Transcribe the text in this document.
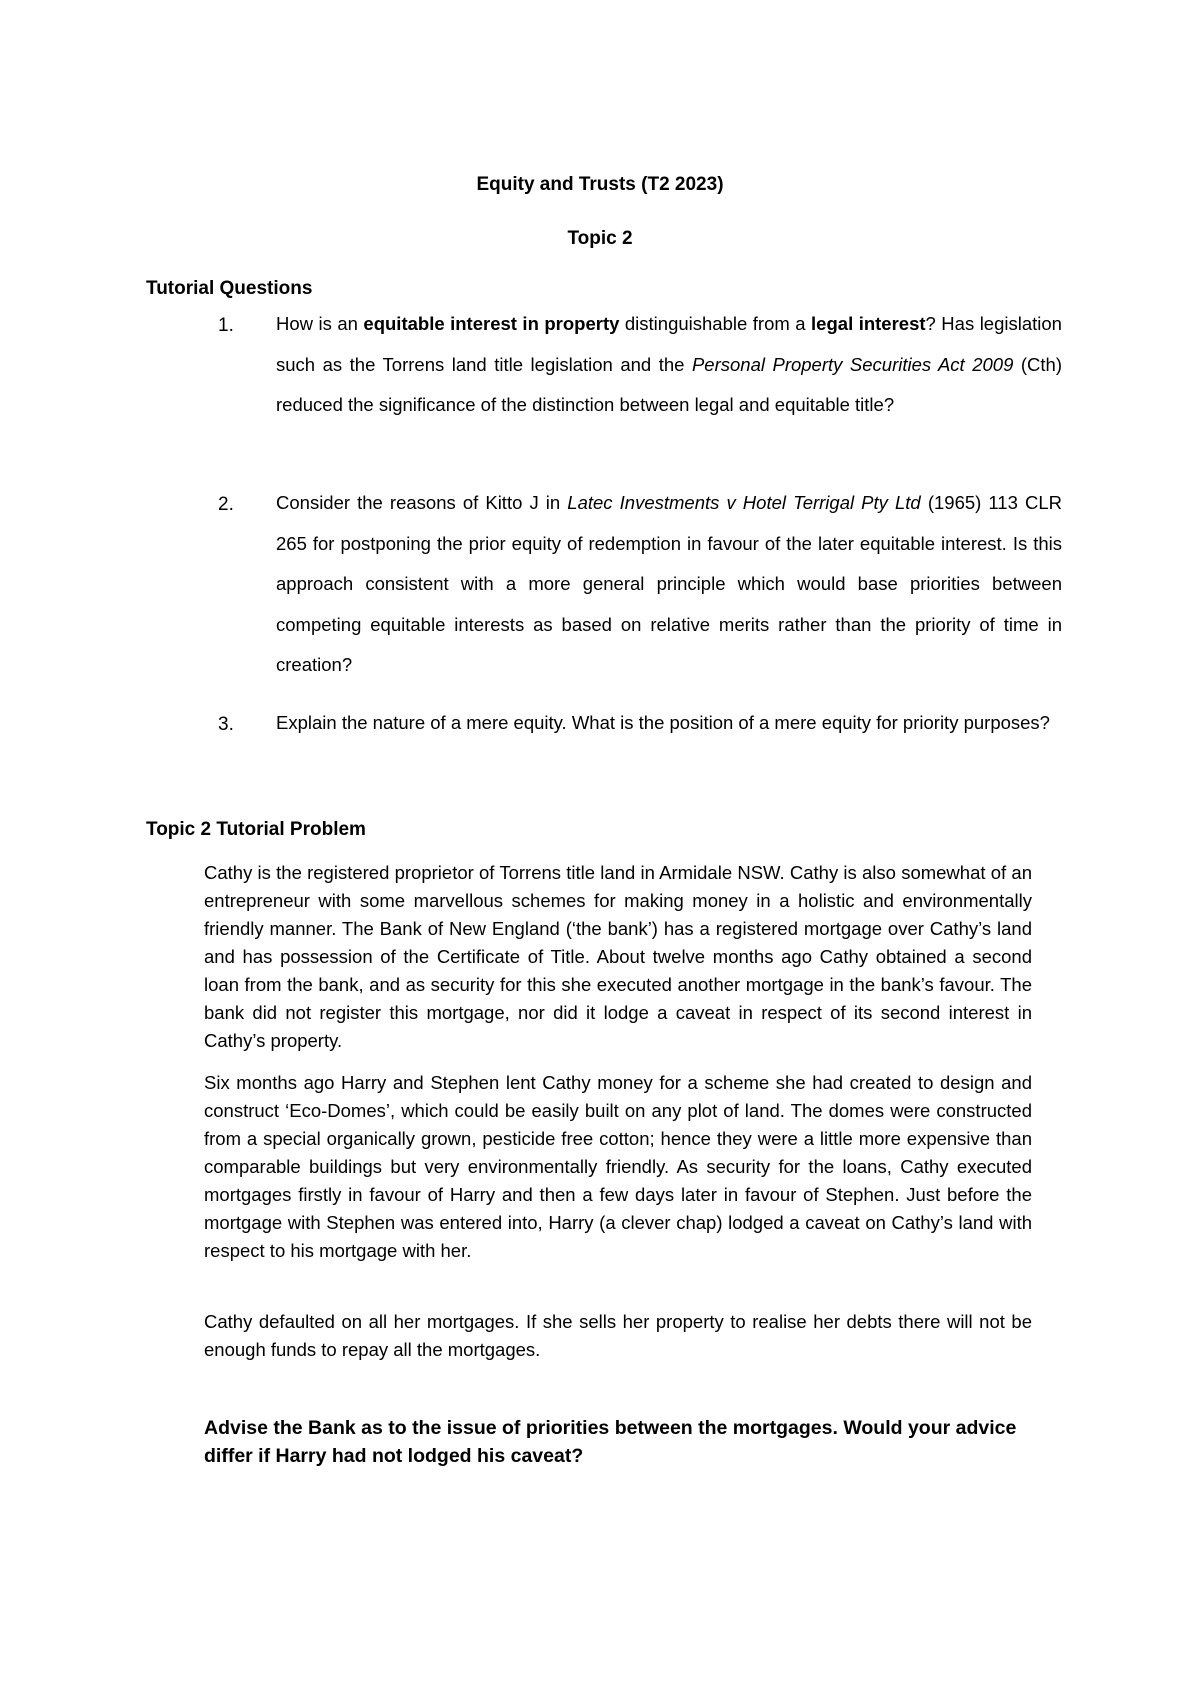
Equity and Trusts (T2 2023)
Topic 2
Tutorial Questions
1. How is an equitable interest in property distinguishable from a legal interest? Has legislation such as the Torrens land title legislation and the Personal Property Securities Act 2009 (Cth) reduced the significance of the distinction between legal and equitable title?
2. Consider the reasons of Kitto J in Latec Investments v Hotel Terrigal Pty Ltd (1965) 113 CLR 265 for postponing the prior equity of redemption in favour of the later equitable interest. Is this approach consistent with a more general principle which would base priorities between competing equitable interests as based on relative merits rather than the priority of time in creation?
3. Explain the nature of a mere equity. What is the position of a mere equity for priority purposes?
Topic 2 Tutorial Problem
Cathy is the registered proprietor of Torrens title land in Armidale NSW. Cathy is also somewhat of an entrepreneur with some marvellous schemes for making money in a holistic and environmentally friendly manner. The Bank of New England (‘the bank’) has a registered mortgage over Cathy’s land and has possession of the Certificate of Title. About twelve months ago Cathy obtained a second loan from the bank, and as security for this she executed another mortgage in the bank’s favour. The bank did not register this mortgage, nor did it lodge a caveat in respect of its second interest in Cathy’s property.
Six months ago Harry and Stephen lent Cathy money for a scheme she had created to design and construct ‘Eco-Domes’, which could be easily built on any plot of land. The domes were constructed from a special organically grown, pesticide free cotton; hence they were a little more expensive than comparable buildings but very environmentally friendly. As security for the loans, Cathy executed mortgages firstly in favour of Harry and then a few days later in favour of Stephen. Just before the mortgage with Stephen was entered into, Harry (a clever chap) lodged a caveat on Cathy’s land with respect to his mortgage with her.
Cathy defaulted on all her mortgages. If she sells her property to realise her debts there will not be enough funds to repay all the mortgages.
Advise the Bank as to the issue of priorities between the mortgages. Would your advice differ if Harry had not lodged his caveat?
